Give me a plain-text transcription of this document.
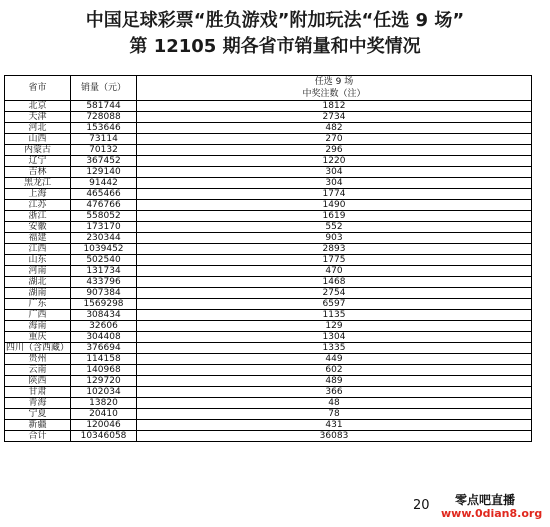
中国足球彩票“胜负游戏”附加玩法“任选 9 场”
第 12105 期各省市销量和中奖情况
省市	销量（元）	任选 9 场
中奖注数（注）

北京	581744	1812
天津	728088	2734
河北	153646	482
山西	73114	270
内蒙古	70132	296
辽宁	367452	1220
吉林	129140	304
黑龙江	91442	304
上海	465466	1774
江苏	476766	1490
浙江	558052	1619
安徽	173170	552
福建	230344	903
江西	1039452	2893
山东	502540	1775
河南	131734	470
湖北	433796	1468
湖南	907384	2754
广东	1569298	6597
广西	308434	1135
海南	32606	129
重庆	304408	1304
四川（含西藏）	376694	1335
贵州	114158	449
云南	140968	602
陕西	129720	489
甘肃	102034	366
青海	13820	48
宁夏	20410	78
新疆	120046	431
合计	10346058	36083
20 零点吧直播
www.0dian8.org
